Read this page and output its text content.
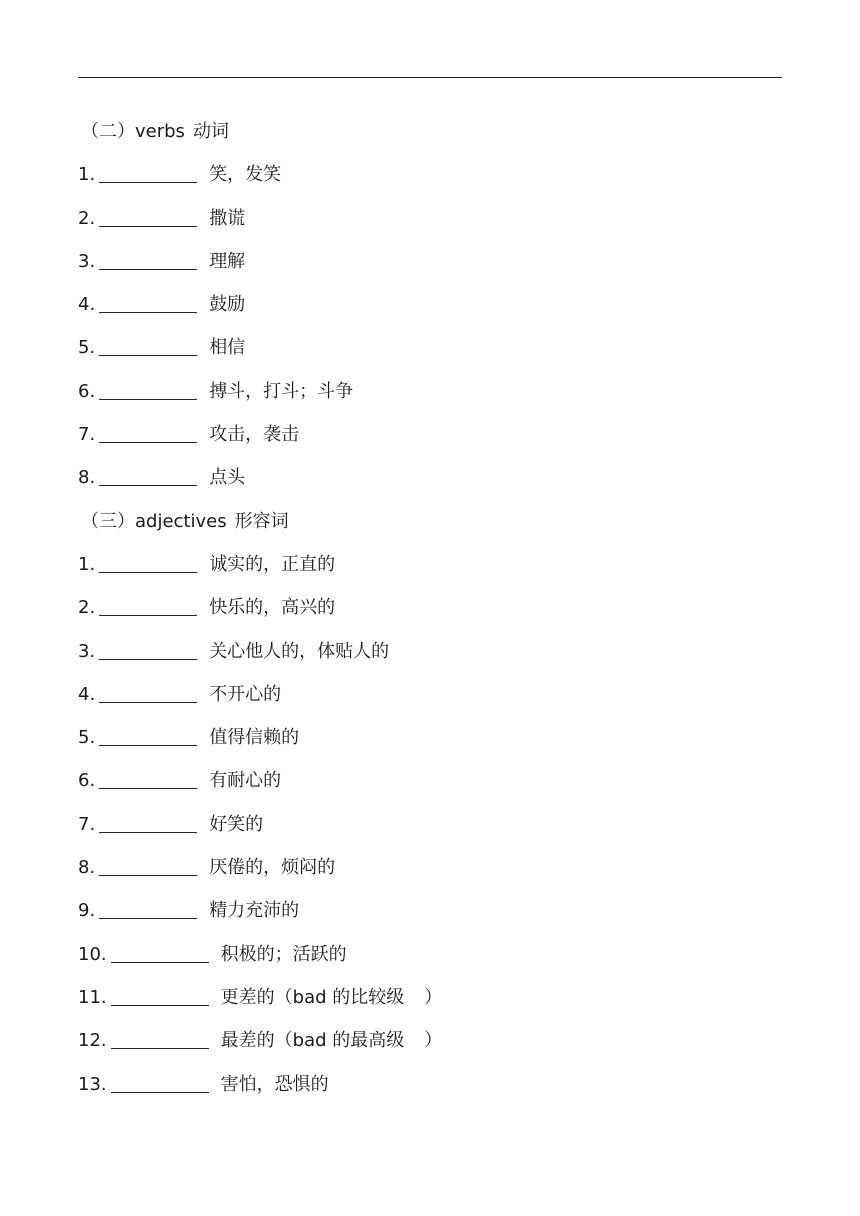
（二）verbs 动词
1.	笑，发笑
2.	撒谎
3.	理解
4.	鼓励
5.	相信
6.	搏斗，打斗；斗争
7.	攻击，袭击
8.	点头
（三）adjectives 形容词
1.	诚实的，正直的
2.	快乐的，高兴的
3.	关心他人的，体贴人的
4.	不开心的
5.	值得信赖的
6.	有耐心的
7.	好笑的
8.	厌倦的，烦闷的
9.	精力充沛的
10.	积极的；活跃的
11.	更差的（bad 的比较级 ）
12.	最差的（bad 的最高级 ）
13.	害怕，恐惧的
